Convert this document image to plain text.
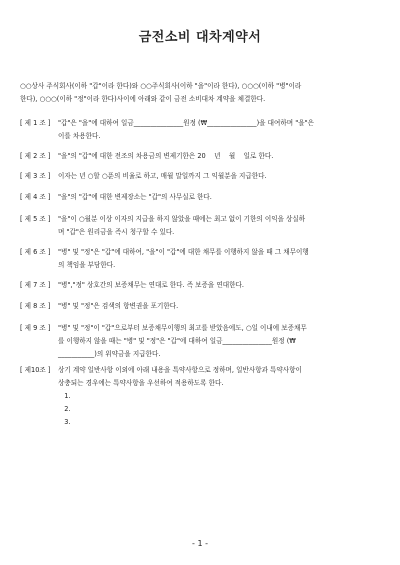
금전소비 대차계약서
○○상사 주식회사(이하 "갑"이라 한다)와 ○○주식회사(이하 "을"이라 한다), ○○○(이하 "병"이라
한다), ○○○(이하 "정"이라 한다)사이에 아래와 같이 금전 소비대차 계약을 체결한다.
[ 제 1 조 ] "갑"은 "을"에 대하여 일금_______________원정 (₩_______________)을 대여하며 "을"은
이를 차용한다.
[ 제 2 조 ] "을"의 "갑"에 대한 전조의 차용금의 변제기한은 20    년    월    일로 한다.
[ 제 3 조 ] 이자는 년 ○할 ○푼의 비율로 하고, 매월 말일까지 그 익월분을 지급한다.
[ 제 4 조 ] "을"의 "갑"에 대한 변제장소는 "갑"의 사무실로 한다.
[ 제 5 조 ] "을"이 ○월분 이상 이자의 지급을 하지 않았을 때에는 최고 없이 기한의 이익을 상실하
며 "갑"은 원리금을 즉시 청구할 수 있다.
[ 제 6 조 ] "병" 및 "정"은 "갑"에 대하여, "을"이 "갑"에 대한 채무를 이행하지 않을 때 그 채무이행
의 책임을 부담한다.
[ 제 7 조 ] "병","정" 상호간의 보증채무는 연대로 한다. 즉 보증을 연대한다.
[ 제 8 조 ] "병" 및 "정"은 검색의 항변권을 포기한다.
[ 제 9 조 ] "병" 및 "정"이 "갑"으로부터 보증채무이행의 최고를 받았음에도, ○일 이내에 보증채무
를 이행하지 않을 때는 "병" 및 "정"은 "갑"에 대하여 일금_______________원정 (₩
___________)의 위약금을 지급한다.
[ 제10조 ] 상기 계약 일반사항 이외에 아래 내용을 특약사항으로 정하며, 일반사항과 특약사항이
상충되는 경우에는 특약사항을 우선하여 적용하도록 한다.
1.
2.
3.
- 1 -
